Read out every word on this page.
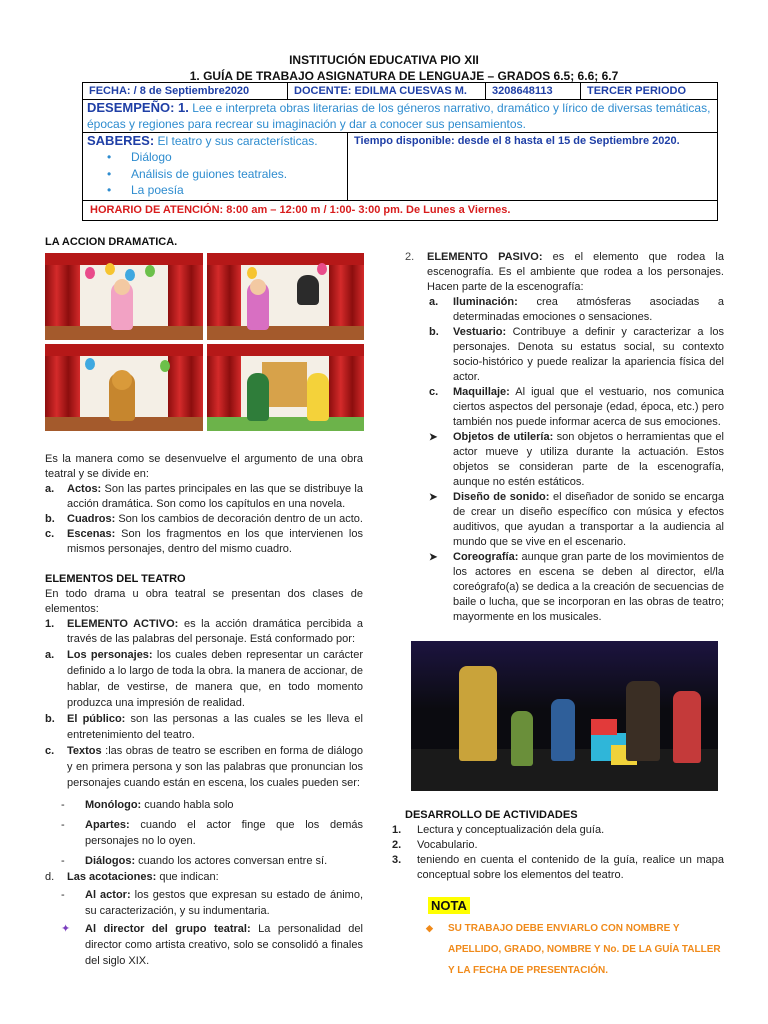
INSTITUCIÓN EDUCATIVA PIO XII
1. GUÍA DE TRABAJO ASIGNATURA DE LENGUAJE – GRADOS 6.5; 6.6; 6.7
FECHA: / 8 de Septiembre2020	DOCENTE: EDILMA CUESVAS M.	3208648113	TERCER PERIODO
DESEMPEÑO: 1. Lee e interpreta obras literarias de los géneros narrativo, dramático y lírico de diversas temáticas, épocas y regiones para recrear su imaginación y dar a conocer sus pensamientos.
SABERES: El teatro y sus características.
• Diálogo
• Análisis de guiones teatrales.
• La poesía
Tiempo disponible: desde el 8 hasta el 15 de Septiembre 2020.
HORARIO DE ATENCIÓN: 8:00 am – 12:00 m / 1:00- 3:00 pm. De Lunes a Viernes.
LA ACCION DRAMATICA.
Es la manera como se desenvuelve el argumento de una obra teatral y se divide en:
a. Actos: Son las partes principales en las que se distribuye la acción dramática. Son como los capítulos en una novela.
b. Cuadros: Son los cambios de decoración dentro de un acto.
c. Escenas: Son los fragmentos en los que intervienen los mismos personajes, dentro del mismo cuadro.
ELEMENTOS DEL TEATRO
En todo drama u obra teatral se presentan dos clases de elementos:
1. ELEMENTO ACTIVO: es la acción dramática percibida a través de las palabras del personaje. Está conformado por:
a. Los personajes: los cuales deben representar un carácter definido a lo largo de toda la obra. la manera de accionar, de hablar, de vestirse, de manera que, en todo momento produzca una impresión de realidad.
b. El público: son las personas a las cuales se les lleva el entretenimiento del teatro.
c. Textos :las obras de teatro se escriben en forma de diálogo y en primera persona y son las palabras que pronuncian los personajes cuando están en escena, los cuales pueden ser:
- Monólogo: cuando habla solo
- Apartes: cuando el actor finge que los demás personajes no lo oyen.
- Diálogos: cuando los actores conversan entre sí.
d. Las acotaciones: que indican:
- Al actor: los gestos que expresan su estado de ánimo, su caracterización, y su indumentaria.
✦ Al director del grupo teatral: La personalidad del director como artista creativo, solo se consolidó a finales del siglo XIX.
2. ELEMENTO PASIVO: es el elemento que rodea la escenografía. Es el ambiente que rodea a los personajes. Hacen parte de la escenografía:
a. Iluminación: crea atmósferas asociadas a determinadas emociones o sensaciones.
b. Vestuario: Contribuye a definir y caracterizar a los personajes. Denota su estatus social, su contexto socio-histórico y puede realizar la apariencia física del actor.
c. Maquillaje: Al igual que el vestuario, nos comunica ciertos aspectos del personaje (edad, época, etc.) pero también nos puede informar acerca de sus emociones.
➤ Objetos de utilería: son objetos o herramientas que el actor mueve y utiliza durante la actuación. Estos objetos se consideran parte de la escenografía, aunque no estén estáticos.
➤ Diseño de sonido: el diseñador de sonido se encarga de crear un diseño específico con música y efectos auditivos, que ayudan a transportar a la audiencia al mundo que se vive en el escenario.
➤ Coreografía: aunque gran parte de los movimientos de los actores en escena se deben al director, el/la coreógrafo(a) se dedica a la creación de secuencias de baile o lucha, que se incorporan en las obras de teatro; mayormente en los musicales.
DESARROLLO DE ACTIVIDADES
1. Lectura y conceptualización dela guía.
2. Vocabulario.
3. teniendo en cuenta el contenido de la guía, realice un mapa conceptual sobre los elementos del teatro.
NOTA
◆	SU TRABAJO DEBE ENVIARLO CON NOMBRE Y APELLIDO, GRADO, NOMBRE Y No. DE LA GUÍA TALLER Y LA FECHA DE PRESENTACIÓN.
